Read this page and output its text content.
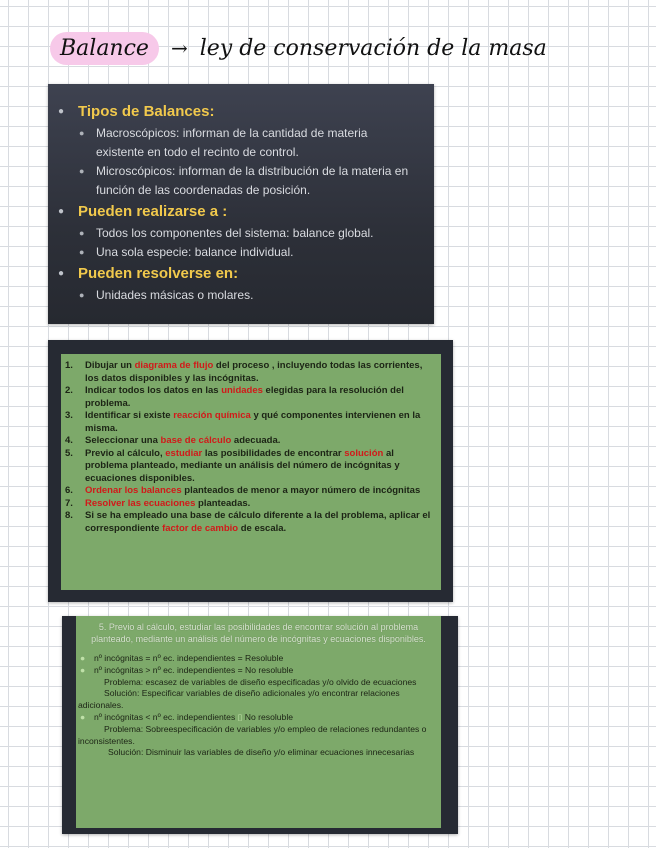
Balance	→ ley de conservación de la masa
● Tipos de Balances:
● Macroscópicos: informan de la cantidad de materia
existente en todo el recinto de control.
● Microscópicos: informan de la distribución de la materia en
función de las coordenadas de posición.
● Pueden realizarse a :
● Todos los componentes del sistema: balance global.
● Una sola especie: balance individual.
● Pueden resolverse en:
● Unidades másicas o molares.
1.	Dibujar un diagrama de flujo del proceso , incluyendo todas las corrientes, los datos disponibles y las incógnitas.
2.	Indicar todos los datos en las unidades elegidas para la resolución del problema.
3.	Identificar si existe reacción química y qué componentes intervienen en la misma.
4.	Seleccionar una base de cálculo adecuada.
5.	Previo al cálculo, estudiar las posibilidades de encontrar solución al problema planteado, mediante un análisis del número de incógnitas y ecuaciones disponibles.
6.	Ordenar los balances planteados de menor a mayor número de incógnitas
7.	Resolver las ecuaciones planteadas.
8.	Si se ha empleado una base de cálculo diferente a la del problema, aplicar el correspondiente factor de cambio de escala.
5. Previo al cálculo, estudiar las posibilidades de encontrar solución al problema planteado, mediante un análisis del número de incógnitas y ecuaciones disponibles.
● nº incógnitas = nº ec. independientes = Resoluble
● nº incógnitas > nº ec. independientes = No resoluble
Problema: escasez de variables de diseño especificadas y/o olvido de ecuaciones
Solución: Especificar variables de diseño adicionales y/o encontrar relaciones adicionales.
● nº incógnitas < nº ec. independientes ▯ No resoluble
Problema: Sobreespecificación de variables y/o empleo de relaciones redundantes o inconsistentes.
Solución: Disminuir las variables de diseño y/o eliminar ecuaciones innecesarias
